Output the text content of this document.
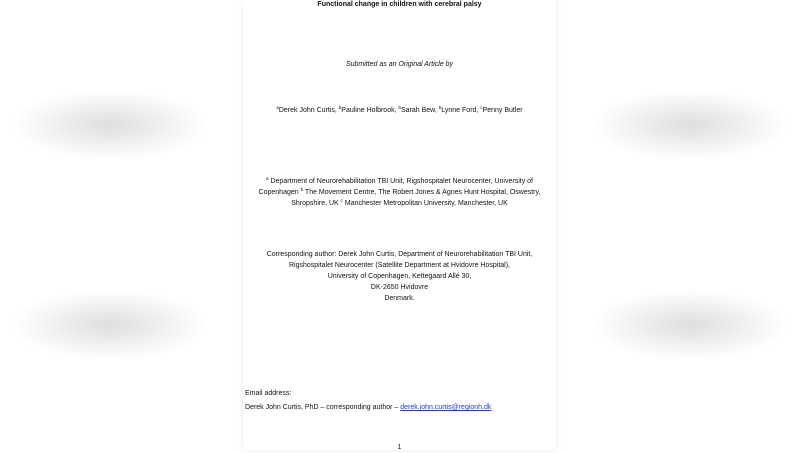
Functional change in children with cerebral palsy
Submitted as an Original Article by
$^a$Derek John Curtis, $^b$Pauline Holbrook, $^b$Sarah Bew, $^b$Lynne Ford, $^c$Penny Butler
$^a$ Department of Neurorehabilitation TBI Unit, Rigshospitalet Neurocenter, University of Copenhagen $^b$ The Movement Centre, The Robert Jones & Agnes Hunt Hospital, Oswestry, Shropshire, UK $^c$ Manchester Metropolitan University, Manchester, UK
Corresponding author: Derek John Curtis, Department of Neurorehabilitation TBI Unit,
Rigshospitalet Neurocenter (Satellite Department at Hvidovre Hospital),
University of Copenhagen, Kettegaard Allé 30,
DK-2650 Hvidovre
Denmark.
Email address:
Derek John Curtis, PhD – corresponding author – derek.john.curtis@regionh.dk
1
